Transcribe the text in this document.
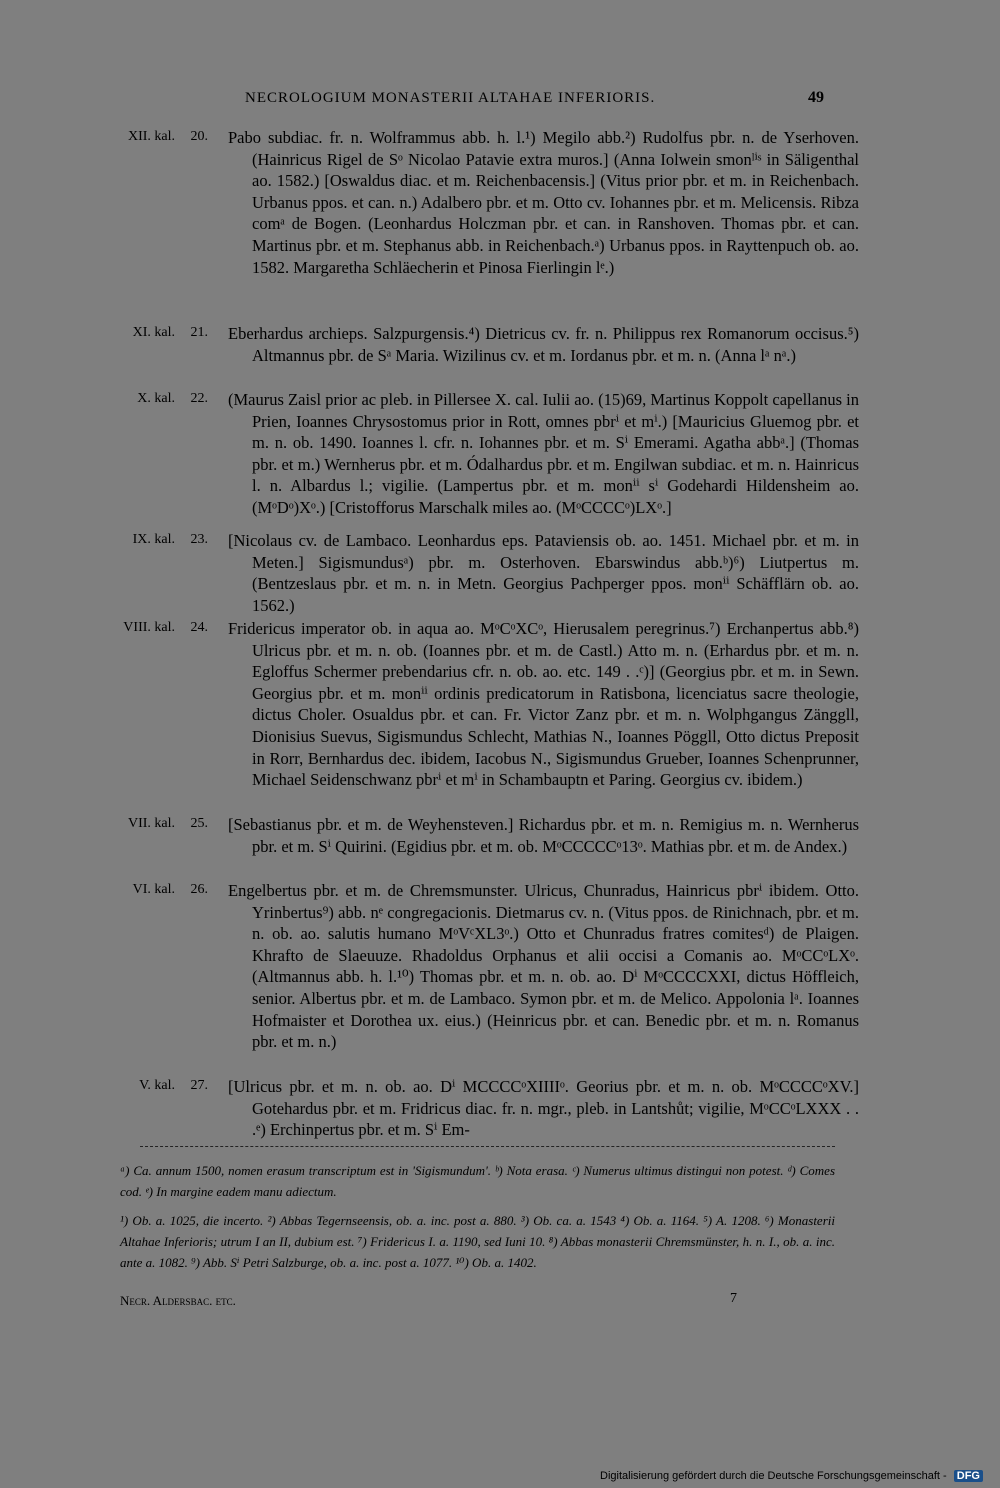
NECROLOGIUM MONASTERII ALTAHAE INFERIORIS.	49
XII. kal.	20. Pabo subdiac. fr. n. Wolframmus abb. h. l.¹) Megilo abb.²) Rudolfus pbr. n. de Yserhoven. (Hainricus Rigel de Sᵒ Nicolao Patavie extra muros.] (Anna Iolwein smonˡⁱˢ in Säligenthal ao. 1582.) [Oswaldus diac. et m. Reichenbacensis.] (Vitus prior pbr. et m. in Reichenbach. Urbanus ppos. et can. n.) Adalbero pbr. et m. Otto cv. Iohannes pbr. et m. Melicensis. Ribza comᵃ de Bogen. (Leonhardus Holczman pbr. et can. in Ranshoven. Thomas pbr. et can. Martinus pbr. et m. Stephanus abb. in Reichenbach.ᵃ) Urbanus ppos. in Rayttenpuch ob. ao. 1582. Margaretha Schläecherin et Pinosa Fierlingin lᵉ.)
XI. kal.	21. Eberhardus archieps. Salzpurgensis.⁴) Dietricus cv. fr. n. Philippus rex Romanorum occisus.⁵) Altmannus pbr. de Sᵃ Maria. Wizilinus cv. et m. Iordanus pbr. et m. n. (Anna lᵃ nᵃ.)
X. kal.	22. (Maurus Zaisl prior ac pleb. in Pillersee X. cal. Iulii ao. (15)69, Martinus Koppolt capellanus in Prien, Ioannes Chrysostomus prior in Rott, omnes pbrⁱ et mⁱ.) [Mauricius Gluemog pbr. et m. n. ob. 1490. Ioannes l. cfr. n. Iohannes pbr. et m. Sⁱ Emerami. Agatha abbᵃ.] (Thomas pbr. et m.) Wernherus pbr. et m. Ódalhardus pbr. et m. Engilwan subdiac. et m. n. Hainricus l. n. Albardus l.; vigilie. (Lampertus pbr. et m. monⁱⁱ sⁱ Godehardi Hildensheim ao. (MᵒDᵒ)Xᵒ.) [Cristofforus Marschalk miles ao. (MᵒCCCCᵒ)LXᵒ.]
IX. kal.	23. [Nicolaus cv. de Lambaco. Leonhardus eps. Pataviensis ob. ao. 1451. Michael pbr. et m. in Meten.] Sigismundusᵃ) pbr. m. Osterhoven. Ebarswindus abb.ᵇ)⁶) Liutpertus m. (Bentzeslaus pbr. et m. n. in Metn. Georgius Pachperger ppos. monⁱⁱ Schäfflärn ob. ao. 1562.)
VIII. kal.	24. Fridericus imperator ob. in aqua ao. MᵒCᵒXCᵒ, Hierusalem peregrinus.⁷) Erchanpertus abb.⁸) Ulricus pbr. et m. n. ob. (Ioannes pbr. et m. de Castl.) Atto m. n. (Erhardus pbr. et m. n. Egloffus Schermer prebendarius cfr. n. ob. ao. etc. 149 . .ᶜ)] (Georgius pbr. et m. in Sewn. Georgius pbr. et m. monⁱⁱ ordinis predicatorum in Ratisbona, licenciatus sacre theologie, dictus Choler. Osualdus pbr. et can. Fr. Victor Zanz pbr. et m. n. Wolphgangus Zänggll, Dionisius Suevus, Sigismundus Schlecht, Mathias N., Ioannes Pöggll, Otto dictus Preposit in Rorr, Bernhardus dec. ibidem, Iacobus N., Sigismundus Grueber, Ioannes Schenprunner, Michael Seidenschwanz pbrⁱ et mⁱ in Schambauptn et Paring. Georgius cv. ibidem.)
VII. kal.	25. [Sebastianus pbr. et m. de Weyhensteven.] Richardus pbr. et m. n. Remigius m. n. Wernherus pbr. et m. Sⁱ Quirini. (Egidius pbr. et m. ob. MᵒCCCCCᵒ13ᵒ. Mathias pbr. et m. de Andex.)
VI. kal.	26. Engelbertus pbr. et m. de Chremsmunster. Ulricus, Chunradus, Hainricus pbrⁱ ibidem. Otto. Yrinbertus⁹) abb. nᵉ congregacionis. Dietmarus cv. n. (Vitus ppos. de Rinichnach, pbr. et m. n. ob. ao. salutis humano MᵒVᶜXL3ᵒ.) Otto et Chunradus fratres comitesᵈ) de Plaigen. Khrafto de Slaeuuze. Rhadoldus Orphanus et alii occisi a Comanis ao. MᵒCCᵒLXᵒ. (Altmannus abb. h. l.¹⁰) Thomas pbr. et m. n. ob. ao. Dⁱ MᵒCCCCXXI, dictus Höffleich, senior. Albertus pbr. et m. de Lambaco. Symon pbr. et m. de Melico. Appolonia lᵃ. Ioannes Hofmaister et Dorothea ux. eius.) (Heinricus pbr. et can. Benedic pbr. et m. n. Romanus pbr. et m. n.)
V. kal.	27. [Ulricus pbr. et m. n. ob. ao. Dⁱ MCCCCᵒXIIIIᵒ. Georius pbr. et m. n. ob. MᵒCCCCᵒXV.] Gotehardus pbr. et m. Fridricus diac. fr. n. mgr., pleb. in Lantshůt; vigilie, MᵒCCᵒLXXX . . .ᵉ) Erchinpertus pbr. et m. Sⁱ Em-
ᵃ) Ca. annum 1500, nomen erasum transcriptum est in 'Sigismundum'. ᵇ) Nota erasa. ᶜ) Numerus ultimus distingui non potest. ᵈ) Comes cod. ᵉ) In margine eadem manu adiectum.
¹) Ob. a. 1025, die incerto. ²) Abbas Tegernseensis, ob. a. inc. post a. 880. ³) Ob. ca. a. 1543 ⁴) Ob. a. 1164. ⁵) A. 1208. ⁶) Monasterii Altahae Inferioris; utrum I an II, dubium est. ⁷) Fridericus I. a. 1190, sed Iuni 10. ⁸) Abbas monasterii Chremsmünster, h. n. I., ob. a. inc. ante a. 1082. ⁹) Abb. Sⁱ Petri Salzburge, ob. a. inc. post a. 1077. ¹⁰) Ob. a. 1402.
Necr. Aldersbac. etc.	7
Digitalisierung gefördert durch die Deutsche Forschungsgemeinschaft - DFG
